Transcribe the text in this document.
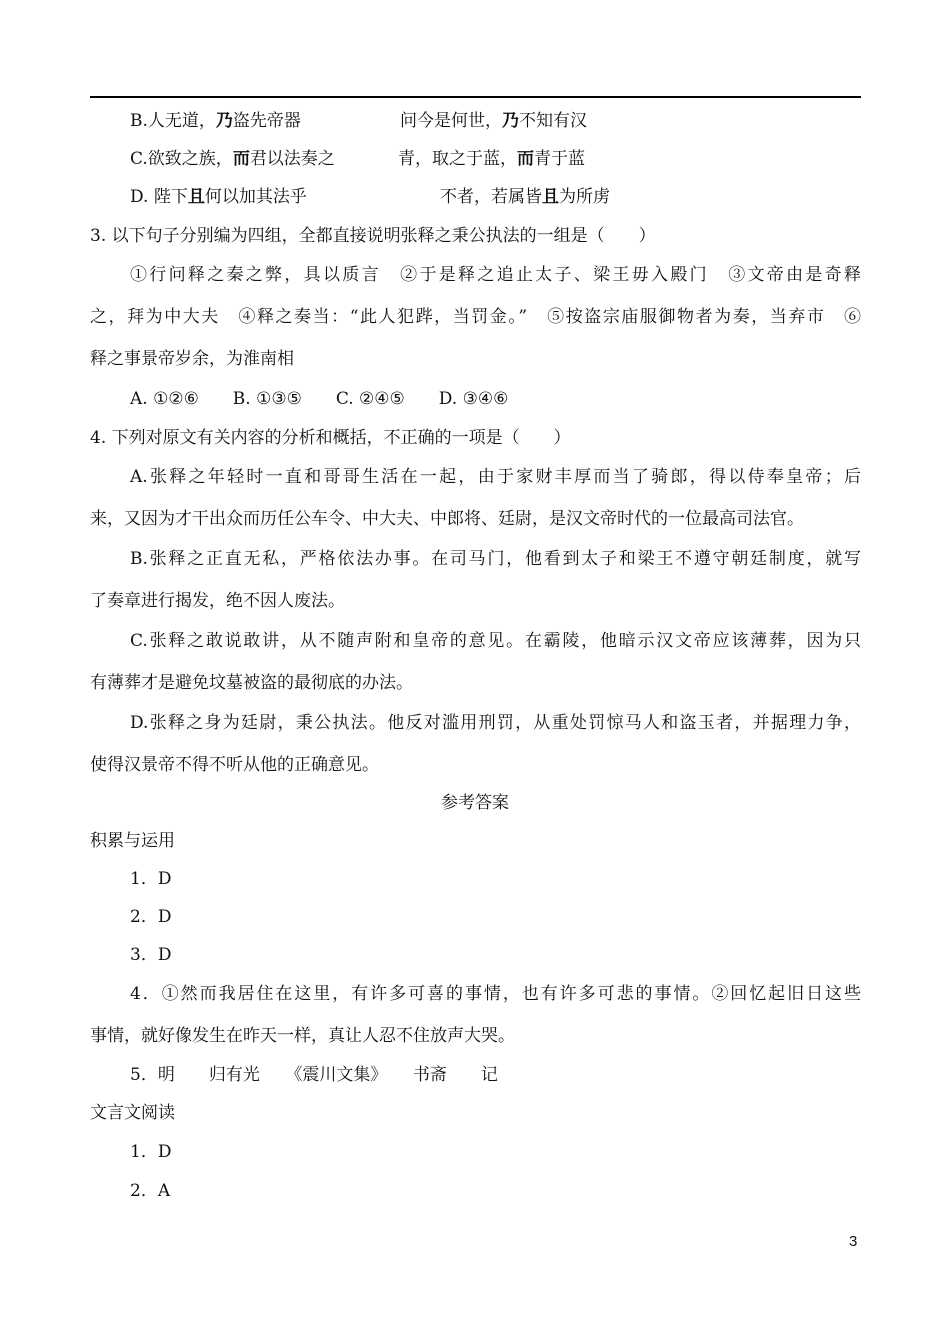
B.人无道，乃盗先帝器	问今是何世，乃不知有汉
C.欲致之族，而君以法奏之	青，取之于蓝，而青于蓝
D. 陛下且何以加其法乎	不者，若属皆且为所虏
3. 以下句子分别编为四组，全都直接说明张释之秉公执法的一组是（　　）
①行问释之秦之弊，具以质言　②于是释之追止太子、梁王毋入殿门　③文帝由是奇释
之，拜为中大夫　④释之奏当：“此人犯跸，当罚金。”　⑤按盗宗庙服御物者为奏，当弃市　⑥
释之事景帝岁余，为淮南相
A. ①②⑥　　B. ①③⑤　　C. ②④⑤　　D. ③④⑥
4. 下列对原文有关内容的分析和概括，不正确的一项是（　　）
A.张释之年轻时一直和哥哥生活在一起，由于家财丰厚而当了骑郎，得以侍奉皇帝；后
来，又因为才干出众而历任公车令、中大夫、中郎将、廷尉，是汉文帝时代的一位最高司法官。
B.张释之正直无私，严格依法办事。在司马门，他看到太子和梁王不遵守朝廷制度，就写
了奏章进行揭发，绝不因人废法。
C.张释之敢说敢讲，从不随声附和皇帝的意见。在霸陵，他暗示汉文帝应该薄葬，因为只
有薄葬才是避免坟墓被盗的最彻底的办法。
D.张释之身为廷尉，秉公执法。他反对滥用刑罚，从重处罚惊马人和盗玉者，并据理力争，
使得汉景帝不得不听从他的正确意见。
参考答案
积累与运用
1．D
2．D
3．D
4．①然而我居住在这里，有许多可喜的事情，也有许多可悲的事情。②回忆起旧日这些
事情，就好像发生在昨天一样，真让人忍不住放声大哭。
5．明　　归有光　　《震川文集》　　书斋　　记
文言文阅读
1．D
2．A
3
